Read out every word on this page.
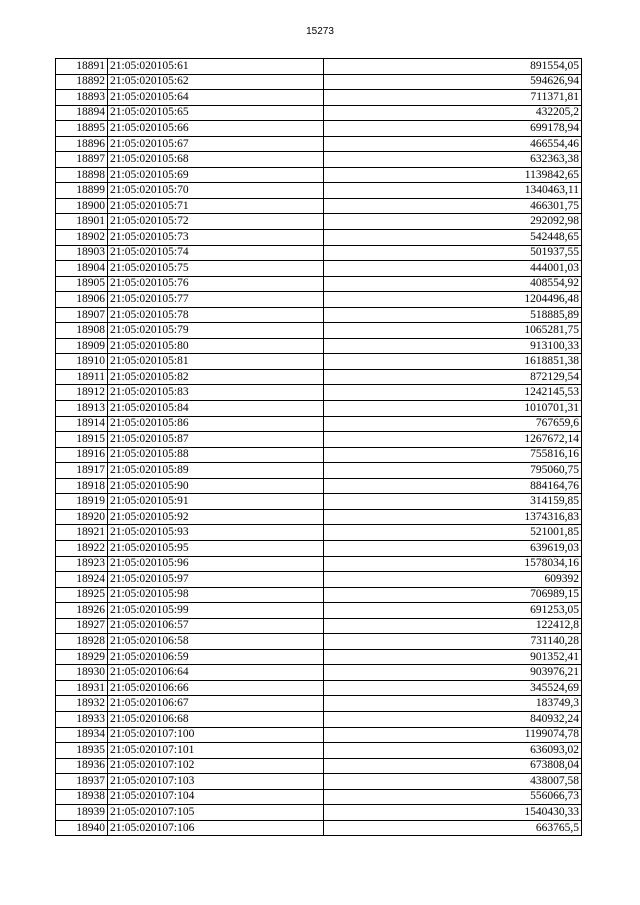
15273
18891	21:05:020105:61	891554,05
18892	21:05:020105:62	594626,94
18893	21:05:020105:64	711371,81
18894	21:05:020105:65	432205,2
18895	21:05:020105:66	699178,94
18896	21:05:020105:67	466554,46
18897	21:05:020105:68	632363,38
18898	21:05:020105:69	1139842,65
18899	21:05:020105:70	1340463,11
18900	21:05:020105:71	466301,75
18901	21:05:020105:72	292092,98
18902	21:05:020105:73	542448,65
18903	21:05:020105:74	501937,55
18904	21:05:020105:75	444001,03
18905	21:05:020105:76	408554,92
18906	21:05:020105:77	1204496,48
18907	21:05:020105:78	518885,89
18908	21:05:020105:79	1065281,75
18909	21:05:020105:80	913100,33
18910	21:05:020105:81	1618851,38
18911	21:05:020105:82	872129,54
18912	21:05:020105:83	1242145,53
18913	21:05:020105:84	1010701,31
18914	21:05:020105:86	767659,6
18915	21:05:020105:87	1267672,14
18916	21:05:020105:88	755816,16
18917	21:05:020105:89	795060,75
18918	21:05:020105:90	884164,76
18919	21:05:020105:91	314159,85
18920	21:05:020105:92	1374316,83
18921	21:05:020105:93	521001,85
18922	21:05:020105:95	639619,03
18923	21:05:020105:96	1578034,16
18924	21:05:020105:97	609392
18925	21:05:020105:98	706989,15
18926	21:05:020105:99	691253,05
18927	21:05:020106:57	122412,8
18928	21:05:020106:58	731140,28
18929	21:05:020106:59	901352,41
18930	21:05:020106:64	903976,21
18931	21:05:020106:66	345524,69
18932	21:05:020106:67	183749,3
18933	21:05:020106:68	840932,24
18934	21:05:020107:100	1199074,78
18935	21:05:020107:101	636093,02
18936	21:05:020107:102	673808,04
18937	21:05:020107:103	438007,58
18938	21:05:020107:104	556066,73
18939	21:05:020107:105	1540430,33
18940	21:05:020107:106	663765,5
